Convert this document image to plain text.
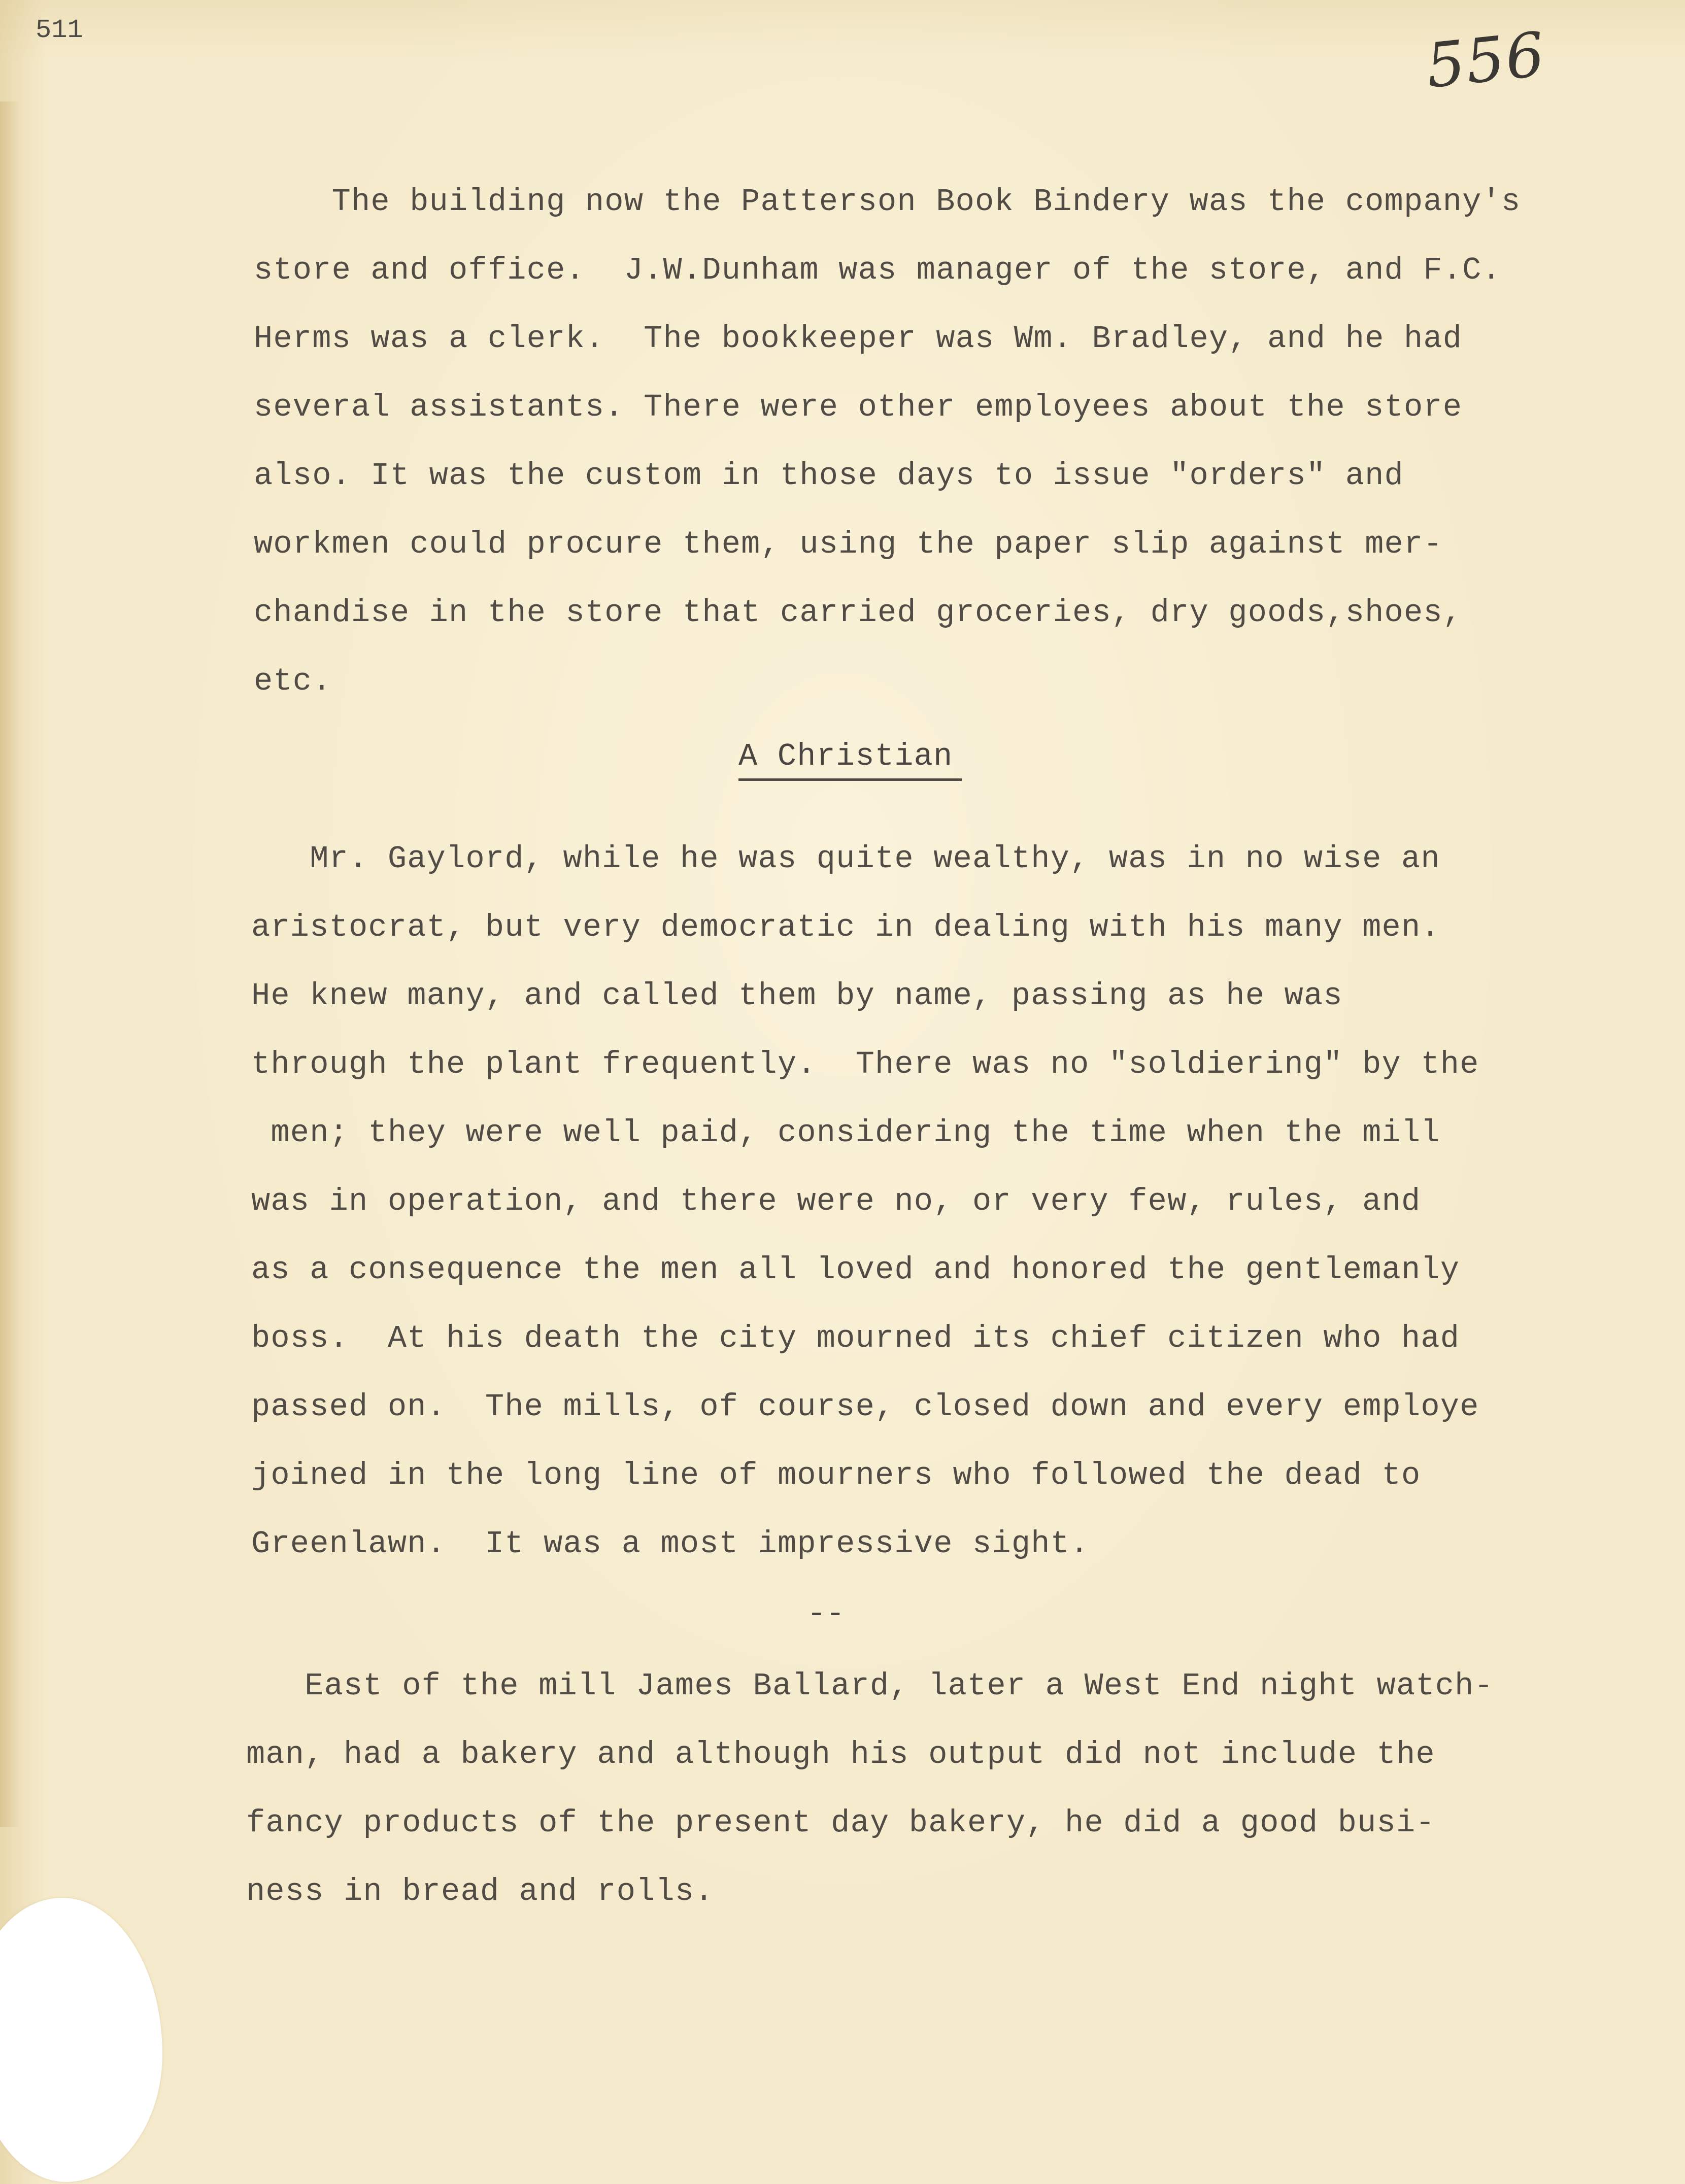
511	556
The building now the Patterson Book Bindery was the company's
store and office.  J.W.Dunham was manager of the store, and F.C.
Herms was a clerk.  The bookkeeper was Wm. Bradley, and he had
several assistants. There were other employees about the store
also. It was the custom in those days to issue "orders" and
workmen could procure them, using the paper slip against mer-
chandise in the store that carried groceries, dry goods,shoes,
etc.
A Christian
Mr. Gaylord, while he was quite wealthy, was in no wise an
aristocrat, but very democratic in dealing with his many men.
He knew many, and called them by name, passing as he was
through the plant frequently.  There was no "soldiering" by the
men; they were well paid, considering the time when the mill
was in operation, and there were no, or very few, rules, and
as a consequence the men all loved and honored the gentlemanly
boss.  At his death the city mourned its chief citizen who had
passed on.  The mills, of course, closed down and every employe
joined in the long line of mourners who followed the dead to
Greenlawn.  It was a most impressive sight.
--
East of the mill James Ballard, later a West End night watch-
man, had a bakery and although his output did not include the
fancy products of the present day bakery, he did a good busi-
ness in bread and rolls.
